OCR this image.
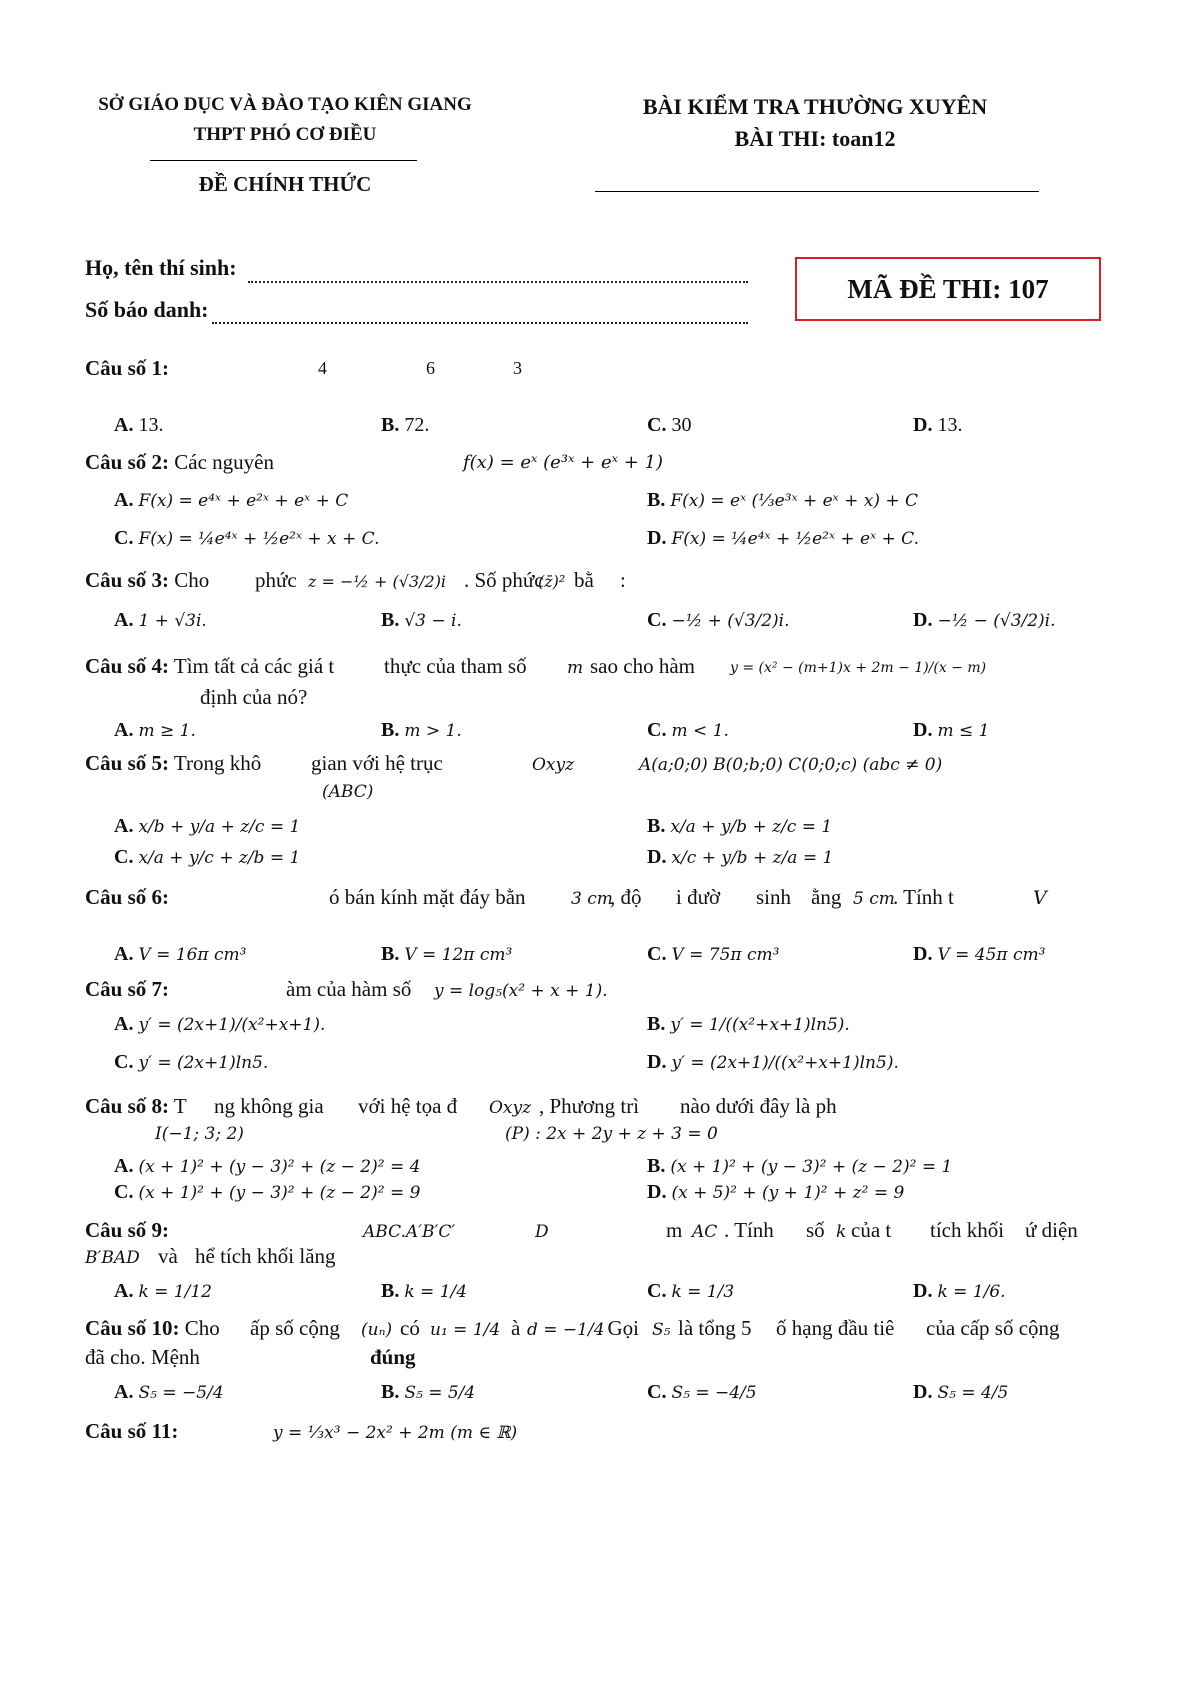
SỞ GIÁO DỤC VÀ ĐÀO TẠO KIÊN GIANG
THPT PHÓ CƠ ĐIỀU
ĐỀ CHÍNH THỨC
BÀI KIỂM TRA THƯỜNG XUYÊN
BÀI THI: toan12
Họ, tên thí sinh:
Số báo danh:
MÃ ĐỀ THI: 107
Câu số 1:	4	6	3
A. 13.	B. 72.	C. 30	D. 13.
Câu số 2: Các nguyên	f(x) = eˣ (e³ˣ + eˣ + 1)
A. F(x) = e⁴ˣ + e²ˣ + eˣ + C	B. F(x) = eˣ (⅓e³ˣ + eˣ + x) + C
C. F(x) = ¼e⁴ˣ + ½e²ˣ + x + C.	D. F(x) = ¼e⁴ˣ + ½e²ˣ + eˣ + C.
Câu số 3: Cho phức z = −½ + (√3/2)i . Số phức
(z̄)² bằ :
A. 1 + √3i.	B. √3 − i.	C. −½ + (√3/2)i.	D. −½ − (√3/2)i.
Câu số 4: Tìm tất cả các giá t thực của tham số m sao cho hàm	y = (x² − (m+1)x + 2m − 1)/(x − m)
định của nó?
A. m ≥ 1.	B. m > 1.	C. m < 1.	D. m ≤ 1
Câu số 5: Trong khô gian với hệ trục	Oxyz	A(a;0;0) B(0;b;0) C(0;0;c) (abc ≠ 0)
(ABC)
A. x/b + y/a + z/c = 1	B. x/a + y/b + z/c = 1
C. x/a + y/c + z/b = 1	D. x/c + y/b + z/a = 1
Câu số 6:	ó bán kính mặt đáy bằn	3 cm
, độ i đườ sinh ằng 5 cm
. Tính t	V
A. V = 16π cm³	B. V = 12π cm³	C. V = 75π cm³	D. V = 45π cm³
Câu số 7:	àm của hàm số y = log₅(x² + x + 1).
A. y′ = (2x+1)/(x²+x+1).	B. y′ = 1/((x²+x+1)ln5).
C. y′ = (2x+1)ln5.	D. y′ = (2x+1)/((x²+x+1)ln5).
Câu số 8: T ng không gia với hệ tọa đ Oxyz , Phương trì nào dưới đây là ph
I(−1; 3; 2)	(P) : 2x + 2y + z + 3 = 0
A. (x + 1)² + (y − 3)² + (z − 2)² = 4	B. (x + 1)² + (y − 3)² + (z − 2)² = 1
C. (x + 1)² + (y − 3)² + (z − 2)² = 9	D. (x + 5)² + (y + 1)² + z² = 9
Câu số 9:	ABC.A′B′C′	D	m AC . Tính số k của t tích khối ứ diện
B′BAD và hể tích khối lăng
A. k = 1/12	B. k = 1/4	C. k = 1/3	D. k = 1/6.
Câu số 10: Cho ấp số cộng (uₙ) có u₁ = 1/4 à d = −1/4
. Gọi S₅ là tổng 5 ố hạng đầu tiê của cấp số cộng
đã cho. Mệnh	đúng
A. S₅ = −5/4	B. S₅ = 5/4	C. S₅ = −4/5	D. S₅ = 4/5
Câu số 11:	y = ⅓x³ − 2x² + 2m (m ∈ ℝ)
